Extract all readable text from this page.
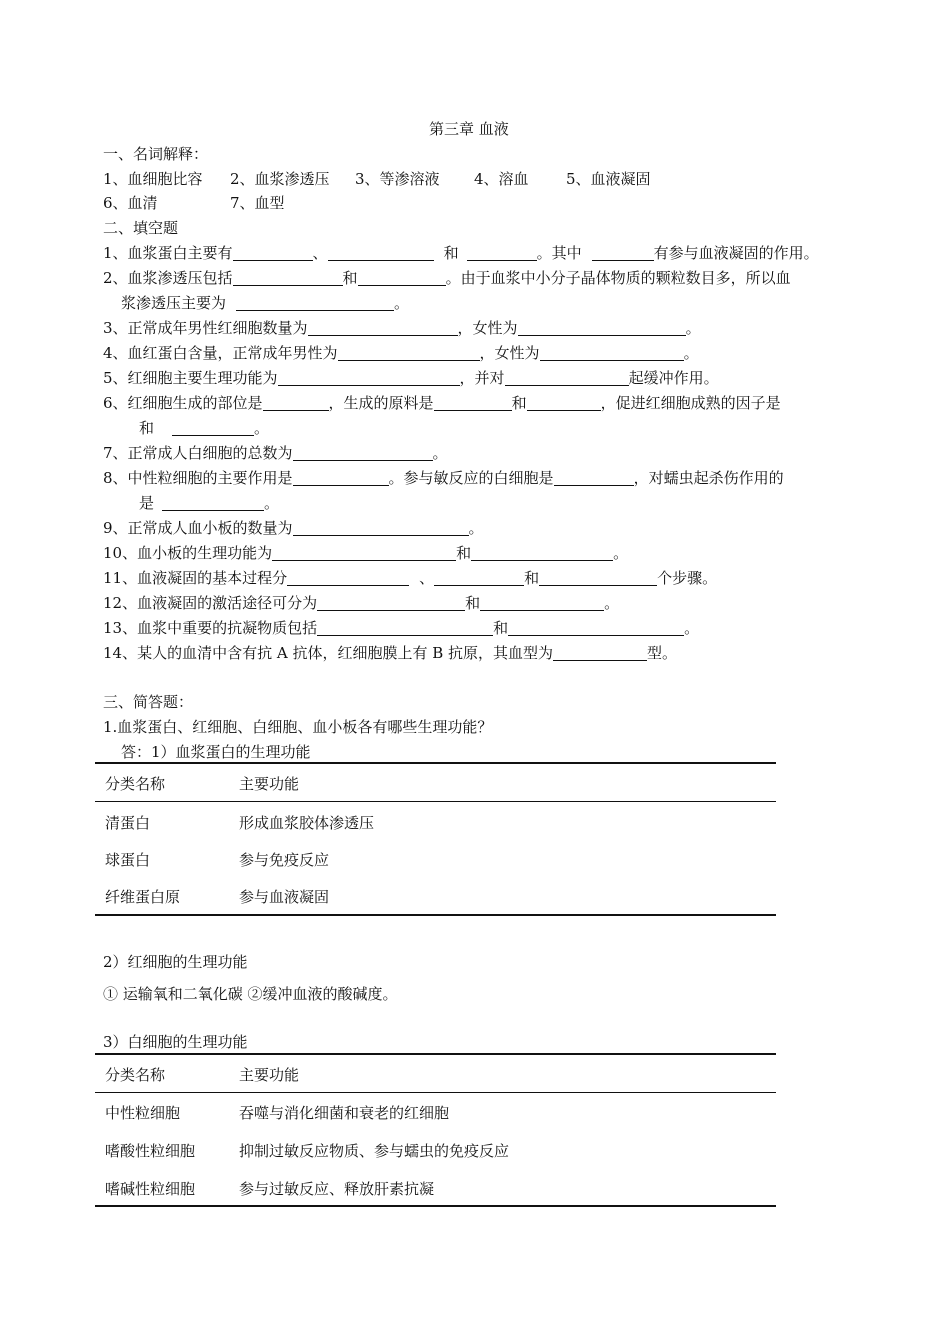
第三章 血液
一、名词解释：
1、血细胞比容 2、血浆渗透压 3、等渗溶液 4、溶血 5、血液凝固
6、血清	7、血型
二、填空题
1、血浆蛋白主要有	、	和	。其中	有参与血液凝固的作用。
2、血浆渗透压包括	和	。由于血浆中小分子晶体物质的颗粒数目多，所以血
浆渗透压主要为	。
3、正常成年男性红细胞数量为	，女性为	。
4、血红蛋白含量，正常成年男性为	，女性为	。
5、红细胞主要生理功能为	，并对	起缓冲作用。
6、红细胞生成的部位是	，生成的原料是	和	，促进红细胞成熟的因子是
和	。
7、正常成人白细胞的总数为	。
8、中性粒细胞的主要作用是	。参与敏反应的白细胞是	，对蠕虫起杀伤作用的
是	。
9、正常成人血小板的数量为	。
10、血小板的生理功能为	和	。
11、血液凝固的基本过程分	、	和	个步骤。
12、血液凝固的激活途径可分为	和	。
13、血浆中重要的抗凝物质包括	和	。
14、某人的血清中含有抗 A 抗体，红细胞膜上有 B 抗原，其血型为	型。
三、简答题：
1.血浆蛋白、红细胞、白细胞、血小板各有哪些生理功能？
答：1）血浆蛋白的生理功能
分类名称	主要功能
清蛋白	形成血浆胶体渗透压
球蛋白	参与免疫反应
纤维蛋白原	参与血液凝固
2）红细胞的生理功能
① 运输氧和二氧化碳 ②缓冲血液的酸碱度。
3）白细胞的生理功能
分类名称	主要功能
中性粒细胞	吞噬与消化细菌和衰老的红细胞
嗜酸性粒细胞	抑制过敏反应物质、参与蠕虫的免疫反应
嗜碱性粒细胞	参与过敏反应、释放肝素抗凝
